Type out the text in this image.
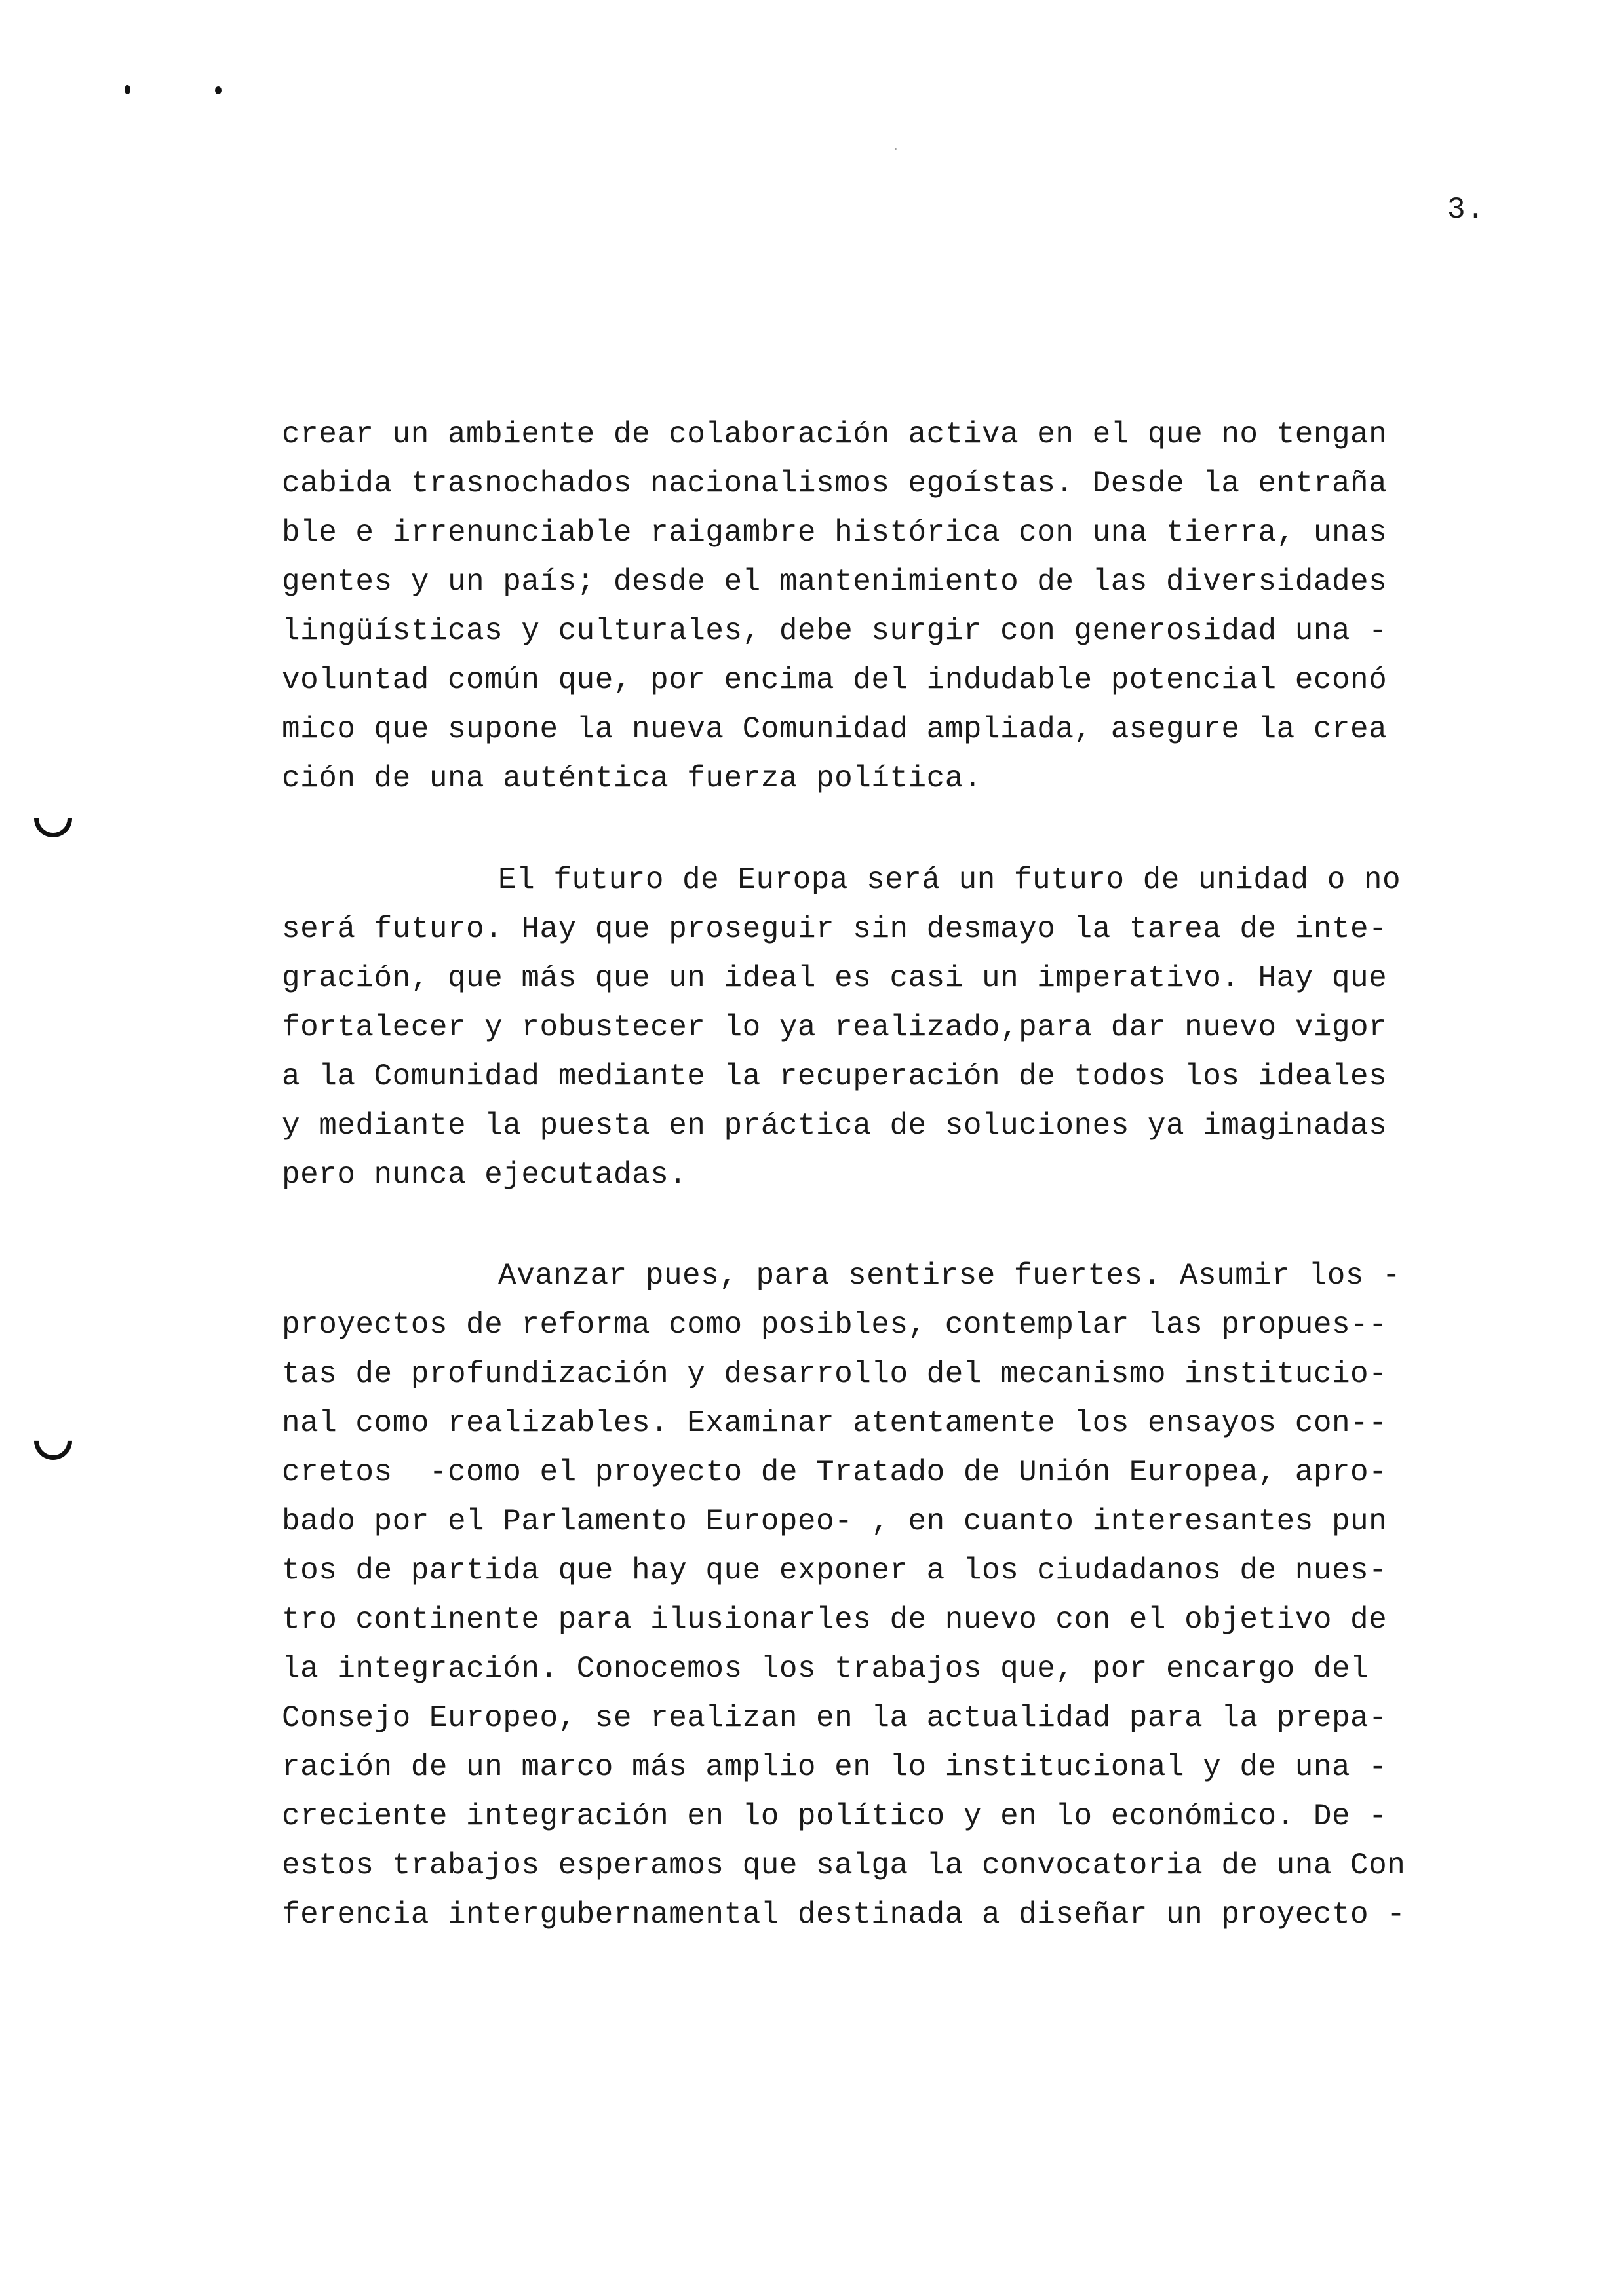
3.
crear un ambiente de colaboración activa en el que no tengan
cabida trasnochados nacionalismos egoístas. Desde la entraña
ble e irrenunciable raigambre histórica con una tierra, unas
gentes y un país; desde el mantenimiento de las diversidades
lingüísticas y culturales, debe surgir con generosidad una -
voluntad común que, por encima del indudable potencial econó
mico que supone la nueva Comunidad ampliada, asegure la crea
ción de una auténtica fuerza política.
El futuro de Europa será un futuro de unidad o no
será futuro. Hay que proseguir sin desmayo la tarea de inte-
gración, que más que un ideal es casi un imperativo. Hay que
fortalecer y robustecer lo ya realizado,para dar nuevo vigor
a la Comunidad mediante la recuperación de todos los ideales
y mediante la puesta en práctica de soluciones ya imaginadas
pero nunca ejecutadas.
Avanzar pues, para sentirse fuertes. Asumir los -
proyectos de reforma como posibles, contemplar las propues--
tas de profundización y desarrollo del mecanismo institucio-
nal como realizables. Examinar atentamente los ensayos con--
cretos  -como el proyecto de Tratado de Unión Europea, apro-
bado por el Parlamento Europeo- , en cuanto interesantes pun
tos de partida que hay que exponer a los ciudadanos de nues-
tro continente para ilusionarles de nuevo con el objetivo de
la integración. Conocemos los trabajos que, por encargo del
Consejo Europeo, se realizan en la actualidad para la prepa-
ración de un marco más amplio en lo institucional y de una -
creciente integración en lo político y en lo económico. De -
estos trabajos esperamos que salga la convocatoria de una Con
ferencia intergubernamental destinada a diseñar un proyecto -
